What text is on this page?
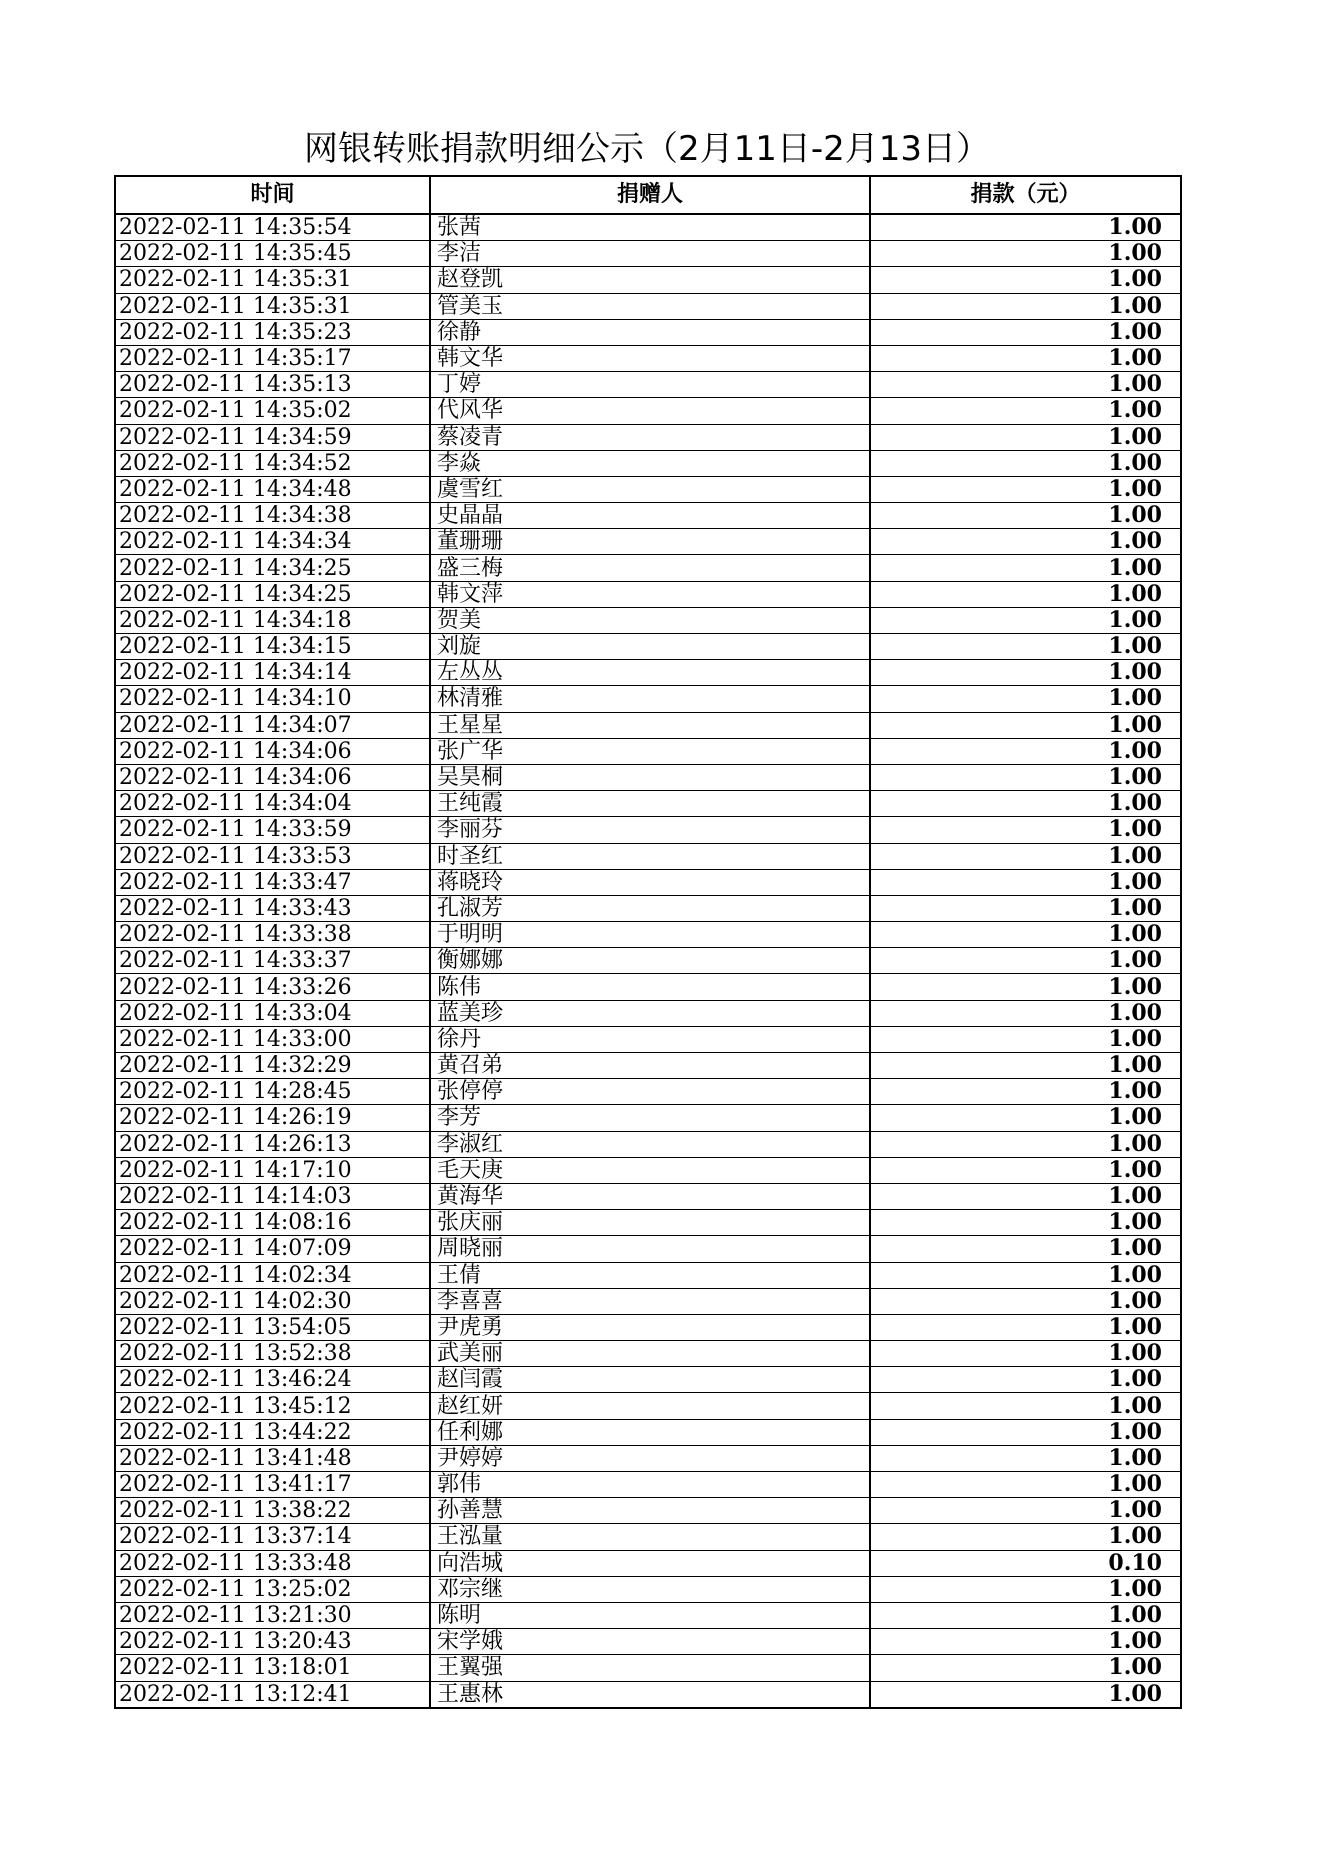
网银转账捐款明细公示（2月11日-2月13日）
时间	捐赠人	捐款（元）
2022-02-11 14:35:54	张茜	1.00
2022-02-11 14:35:45	李洁	1.00
2022-02-11 14:35:31	赵登凯	1.00
2022-02-11 14:35:31	管美玉	1.00
2022-02-11 14:35:23	徐静	1.00
2022-02-11 14:35:17	韩文华	1.00
2022-02-11 14:35:13	丁婷	1.00
2022-02-11 14:35:02	代风华	1.00
2022-02-11 14:34:59	蔡凌青	1.00
2022-02-11 14:34:52	李焱	1.00
2022-02-11 14:34:48	虞雪红	1.00
2022-02-11 14:34:38	史晶晶	1.00
2022-02-11 14:34:34	董珊珊	1.00
2022-02-11 14:34:25	盛三梅	1.00
2022-02-11 14:34:25	韩文萍	1.00
2022-02-11 14:34:18	贺美	1.00
2022-02-11 14:34:15	刘旋	1.00
2022-02-11 14:34:14	左丛丛	1.00
2022-02-11 14:34:10	林清雅	1.00
2022-02-11 14:34:07	王星星	1.00
2022-02-11 14:34:06	张广华	1.00
2022-02-11 14:34:06	吴昊桐	1.00
2022-02-11 14:34:04	王纯霞	1.00
2022-02-11 14:33:59	李丽芬	1.00
2022-02-11 14:33:53	时圣红	1.00
2022-02-11 14:33:47	蒋晓玲	1.00
2022-02-11 14:33:43	孔淑芳	1.00
2022-02-11 14:33:38	于明明	1.00
2022-02-11 14:33:37	衡娜娜	1.00
2022-02-11 14:33:26	陈伟	1.00
2022-02-11 14:33:04	蓝美珍	1.00
2022-02-11 14:33:00	徐丹	1.00
2022-02-11 14:32:29	黄召弟	1.00
2022-02-11 14:28:45	张停停	1.00
2022-02-11 14:26:19	李芳	1.00
2022-02-11 14:26:13	李淑红	1.00
2022-02-11 14:17:10	毛天庚	1.00
2022-02-11 14:14:03	黄海华	1.00
2022-02-11 14:08:16	张庆丽	1.00
2022-02-11 14:07:09	周晓丽	1.00
2022-02-11 14:02:34	王倩	1.00
2022-02-11 14:02:30	李喜喜	1.00
2022-02-11 13:54:05	尹虎勇	1.00
2022-02-11 13:52:38	武美丽	1.00
2022-02-11 13:46:24	赵闫霞	1.00
2022-02-11 13:45:12	赵红妍	1.00
2022-02-11 13:44:22	任利娜	1.00
2022-02-11 13:41:48	尹婷婷	1.00
2022-02-11 13:41:17	郭伟	1.00
2022-02-11 13:38:22	孙善慧	1.00
2022-02-11 13:37:14	王泓量	1.00
2022-02-11 13:33:48	向浩城	0.10
2022-02-11 13:25:02	邓宗继	1.00
2022-02-11 13:21:30	陈明	1.00
2022-02-11 13:20:43	宋学娥	1.00
2022-02-11 13:18:01	王翼强	1.00
2022-02-11 13:12:41	王惠林	1.00
